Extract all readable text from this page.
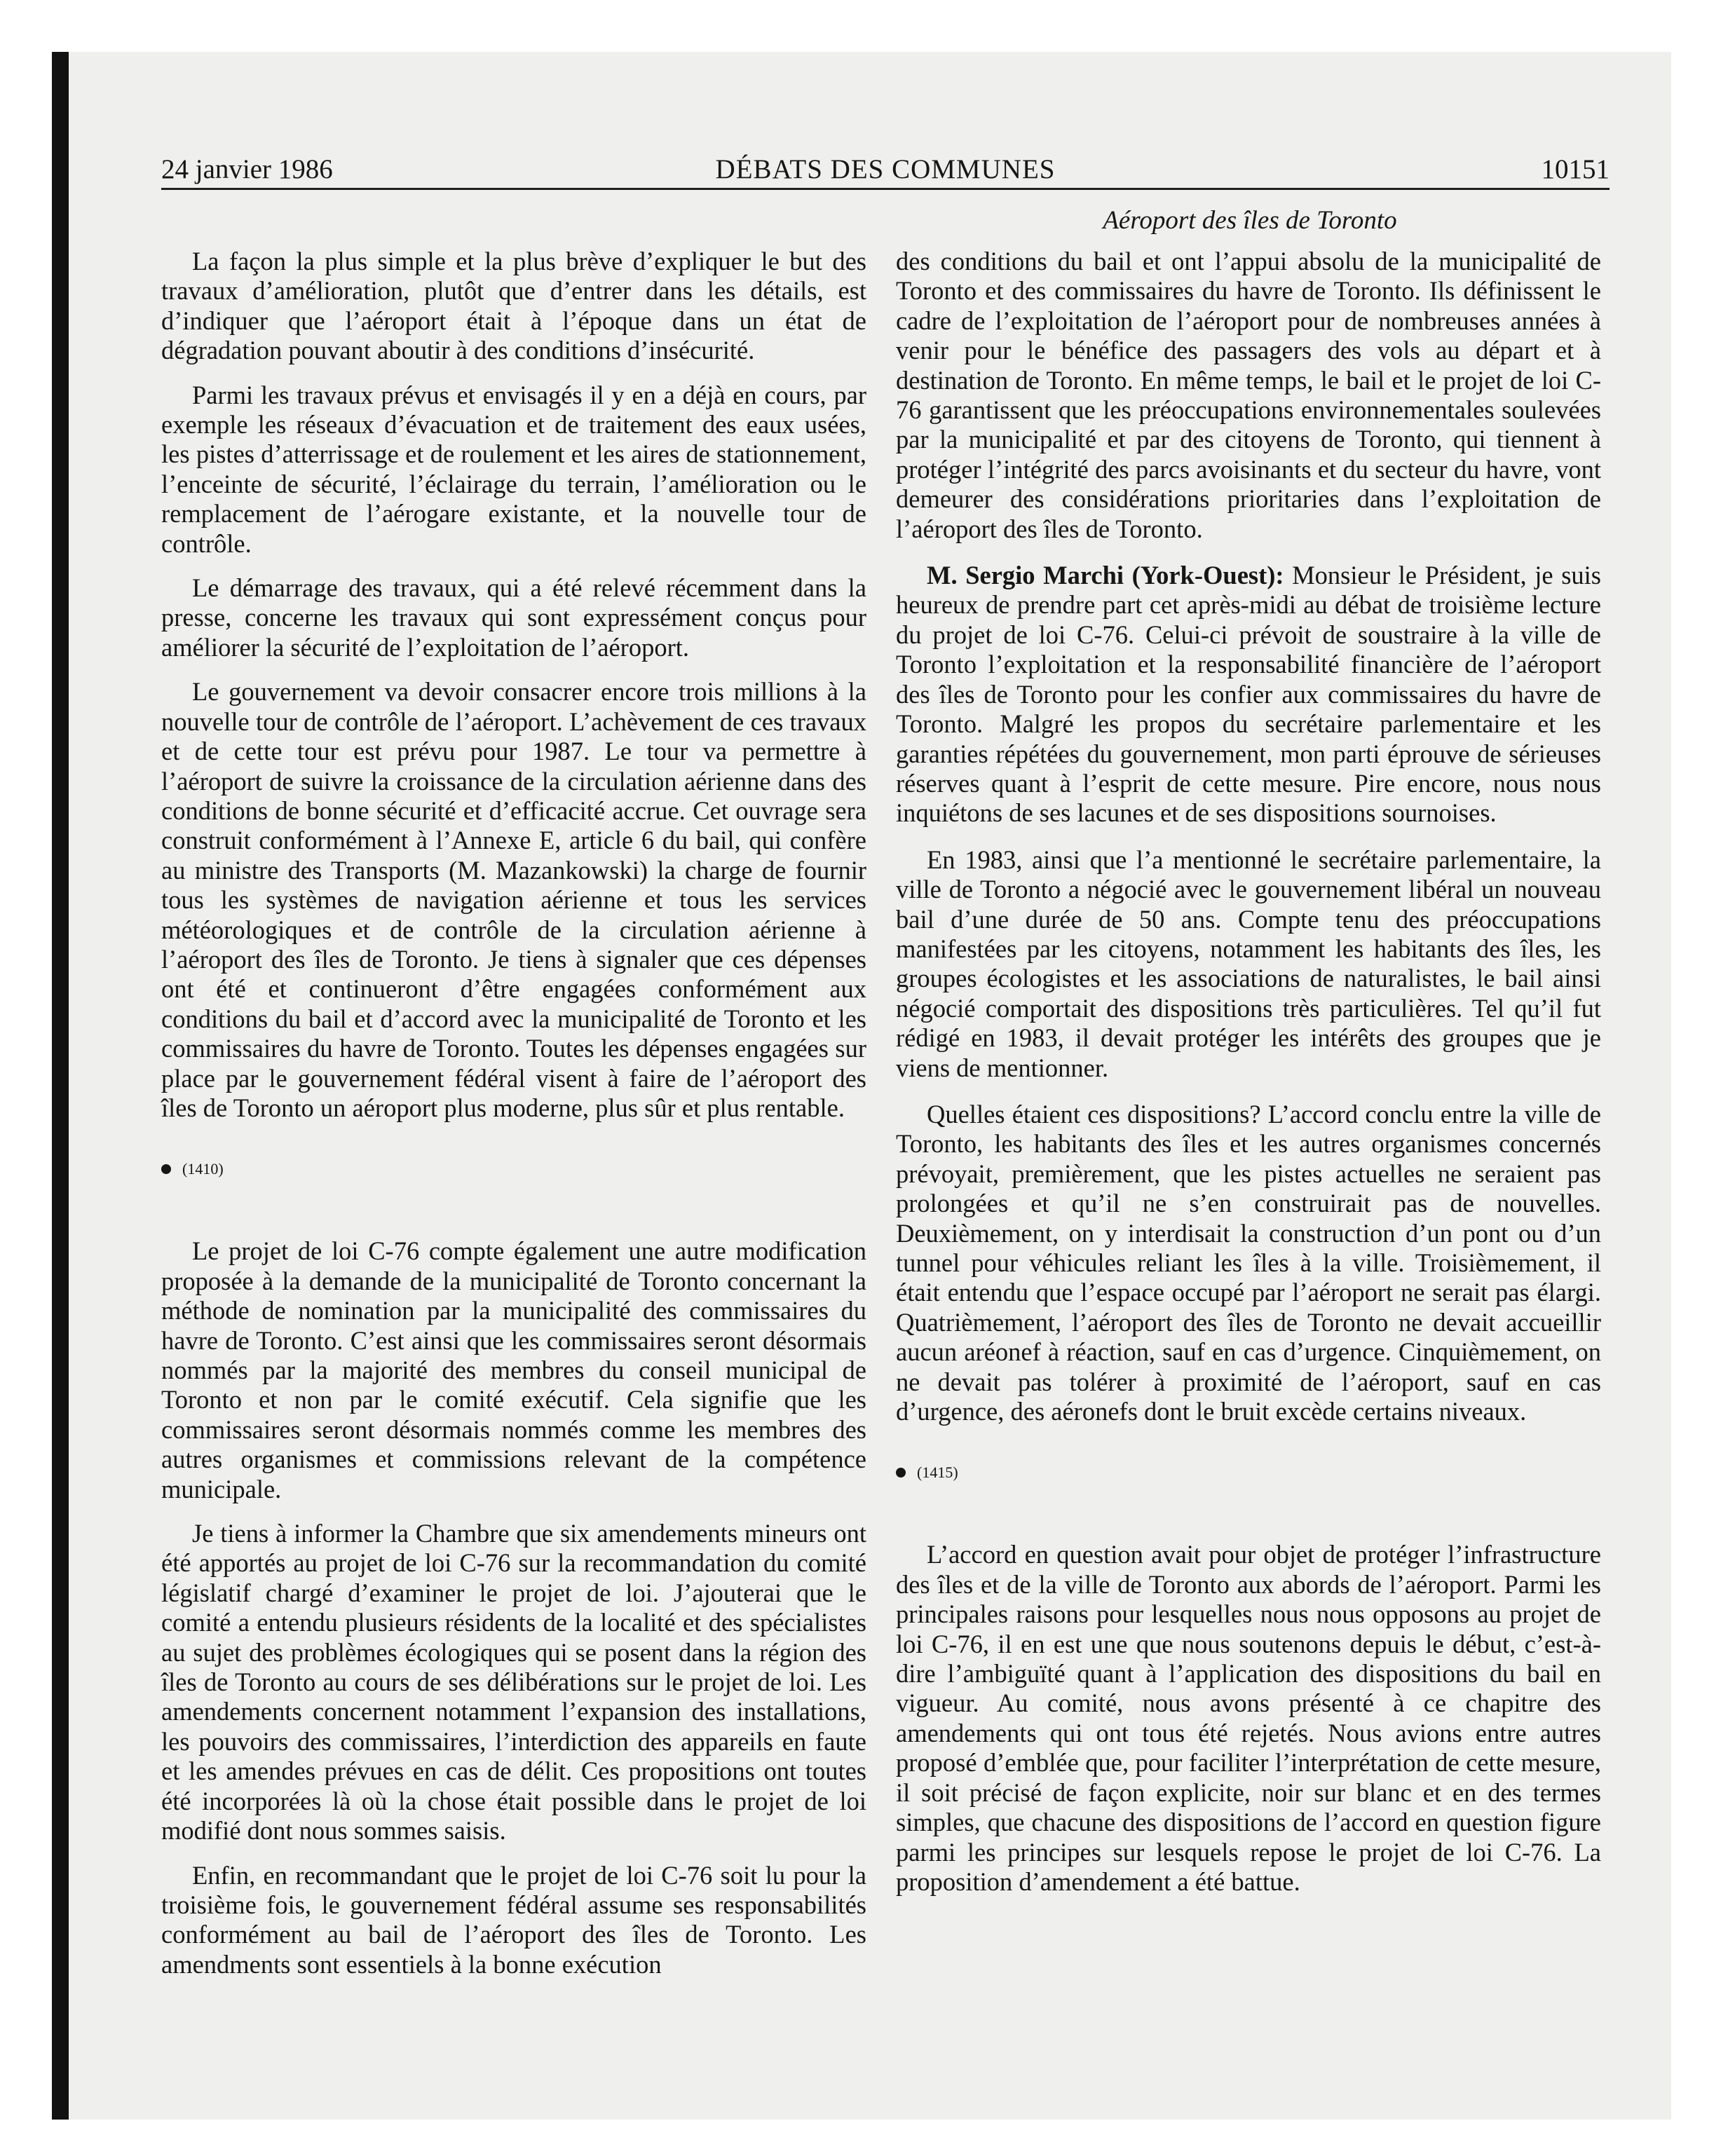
24 janvier 1986	DÉBATS DES COMMUNES	10151
Aéroport des îles de Toronto

La façon la plus simple et la plus brève d’expliquer le but des travaux d’amélioration, plutôt que d’entrer dans les détails, est d’indiquer que l’aéroport était à l’époque dans un état de dégradation pouvant aboutir à des conditions d’insécurité.

Parmi les travaux prévus et envisagés il y en a déjà en cours, par exemple les réseaux d’évacuation et de traitement des eaux usées, les pistes d’atterrissage et de roulement et les aires de stationnement, l’enceinte de sécurité, l’éclairage du terrain, l’amélioration ou le remplacement de l’aérogare existante, et la nouvelle tour de contrôle.

Le démarrage des travaux, qui a été relevé récemment dans la presse, concerne les travaux qui sont expressément conçus pour améliorer la sécurité de l’exploitation de l’aéroport.

Le gouvernement va devoir consacrer encore trois millions à la nouvelle tour de contrôle de l’aéroport. L’achèvement de ces travaux et de cette tour est prévu pour 1987. Le tour va permettre à l’aéroport de suivre la croissance de la circulation aérienne dans des conditions de bonne sécurité et d’efficacité accrue. Cet ouvrage sera construit conformément à l’Annexe E, article 6 du bail, qui confère au ministre des Transports (M. Mazankowski) la charge de fournir tous les systèmes de navigation aérienne et tous les services météorologiques et de contrôle de la circulation aérienne à l’aéroport des îles de Toronto. Je tiens à signaler que ces dépenses ont été et continueront d’être engagées conformément aux conditions du bail et d’accord avec la municipalité de Toronto et les commissaires du havre de Toronto. Toutes les dépenses engagées sur place par le gouvernement fédéral visent à faire de l’aéroport des îles de Toronto un aéroport plus moderne, plus sûr et plus rentable.

(1410)

Le projet de loi C-76 compte également une autre modification proposée à la demande de la municipalité de Toronto concernant la méthode de nomination par la municipalité des commissaires du havre de Toronto. C’est ainsi que les commissaires seront désormais nommés par la majorité des membres du conseil municipal de Toronto et non par le comité exécutif. Cela signifie que les commissaires seront désormais nommés comme les membres des autres organismes et commissions relevant de la compétence municipale.

Je tiens à informer la Chambre que six amendements mineurs ont été apportés au projet de loi C-76 sur la recommandation du comité législatif chargé d’examiner le projet de loi. J’ajouterai que le comité a entendu plusieurs résidents de la localité et des spécialistes au sujet des problèmes écologiques qui se posent dans la région des îles de Toronto au cours de ses délibérations sur le projet de loi. Les amendements concernent notamment l’expansion des installations, les pouvoirs des commissaires, l’interdiction des appareils en faute et les amendes prévues en cas de délit. Ces propositions ont toutes été incorporées là où la chose était possible dans le projet de loi modifié dont nous sommes saisis.

Enfin, en recommandant que le projet de loi C-76 soit lu pour la troisième fois, le gouvernement fédéral assume ses responsabilités conformément au bail de l’aéroport des îles de Toronto. Les amendments sont essentiels à la bonne exécution

des conditions du bail et ont l’appui absolu de la municipalité de Toronto et des commissaires du havre de Toronto. Ils définissent le cadre de l’exploitation de l’aéroport pour de nombreuses années à venir pour le bénéfice des passagers des vols au départ et à destination de Toronto. En même temps, le bail et le projet de loi C-76 garantissent que les préoccupations environnementales soulevées par la municipalité et par des citoyens de Toronto, qui tiennent à protéger l’intégrité des parcs avoisinants et du secteur du havre, vont demeurer des considérations prioritaries dans l’exploitation de l’aéroport des îles de Toronto.

M. Sergio Marchi (York-Ouest): Monsieur le Président, je suis heureux de prendre part cet après-midi au débat de troisième lecture du projet de loi C-76. Celui-ci prévoit de soustraire à la ville de Toronto l’exploitation et la responsabilité financière de l’aéroport des îles de Toronto pour les confier aux commissaires du havre de Toronto. Malgré les propos du secrétaire parlementaire et les garanties répétées du gouvernement, mon parti éprouve de sérieuses réserves quant à l’esprit de cette mesure. Pire encore, nous nous inquiétons de ses lacunes et de ses dispositions sournoises.

En 1983, ainsi que l’a mentionné le secrétaire parlementaire, la ville de Toronto a négocié avec le gouvernement libéral un nouveau bail d’une durée de 50 ans. Compte tenu des préoccupations manifestées par les citoyens, notamment les habitants des îles, les groupes écologistes et les associations de naturalistes, le bail ainsi négocié comportait des dispositions très particulières. Tel qu’il fut rédigé en 1983, il devait protéger les intérêts des groupes que je viens de mentionner.

Quelles étaient ces dispositions? L’accord conclu entre la ville de Toronto, les habitants des îles et les autres organismes concernés prévoyait, premièrement, que les pistes actuelles ne seraient pas prolongées et qu’il ne s’en construirait pas de nouvelles. Deuxièmement, on y interdisait la construction d’un pont ou d’un tunnel pour véhicules reliant les îles à la ville. Troisièmement, il était entendu que l’espace occupé par l’aéroport ne serait pas élargi. Quatrièmement, l’aéroport des îles de Toronto ne devait accueillir aucun aréonef à réaction, sauf en cas d’urgence. Cinquièmement, on ne devait pas tolérer à proximité de l’aéroport, sauf en cas d’urgence, des aéronefs dont le bruit excède certains niveaux.

(1415)

L’accord en question avait pour objet de protéger l’infrastructure des îles et de la ville de Toronto aux abords de l’aéroport. Parmi les principales raisons pour lesquelles nous nous opposons au projet de loi C-76, il en est une que nous soutenons depuis le début, c’est-à-dire l’ambiguïté quant à l’application des dispositions du bail en vigueur. Au comité, nous avons présenté à ce chapitre des amendements qui ont tous été rejetés. Nous avions entre autres proposé d’emblée que, pour faciliter l’interprétation de cette mesure, il soit précisé de façon explicite, noir sur blanc et en des termes simples, que chacune des dispositions de l’accord en question figure parmi les principes sur lesquels repose le projet de loi C-76. La proposition d’amendement a été battue.
